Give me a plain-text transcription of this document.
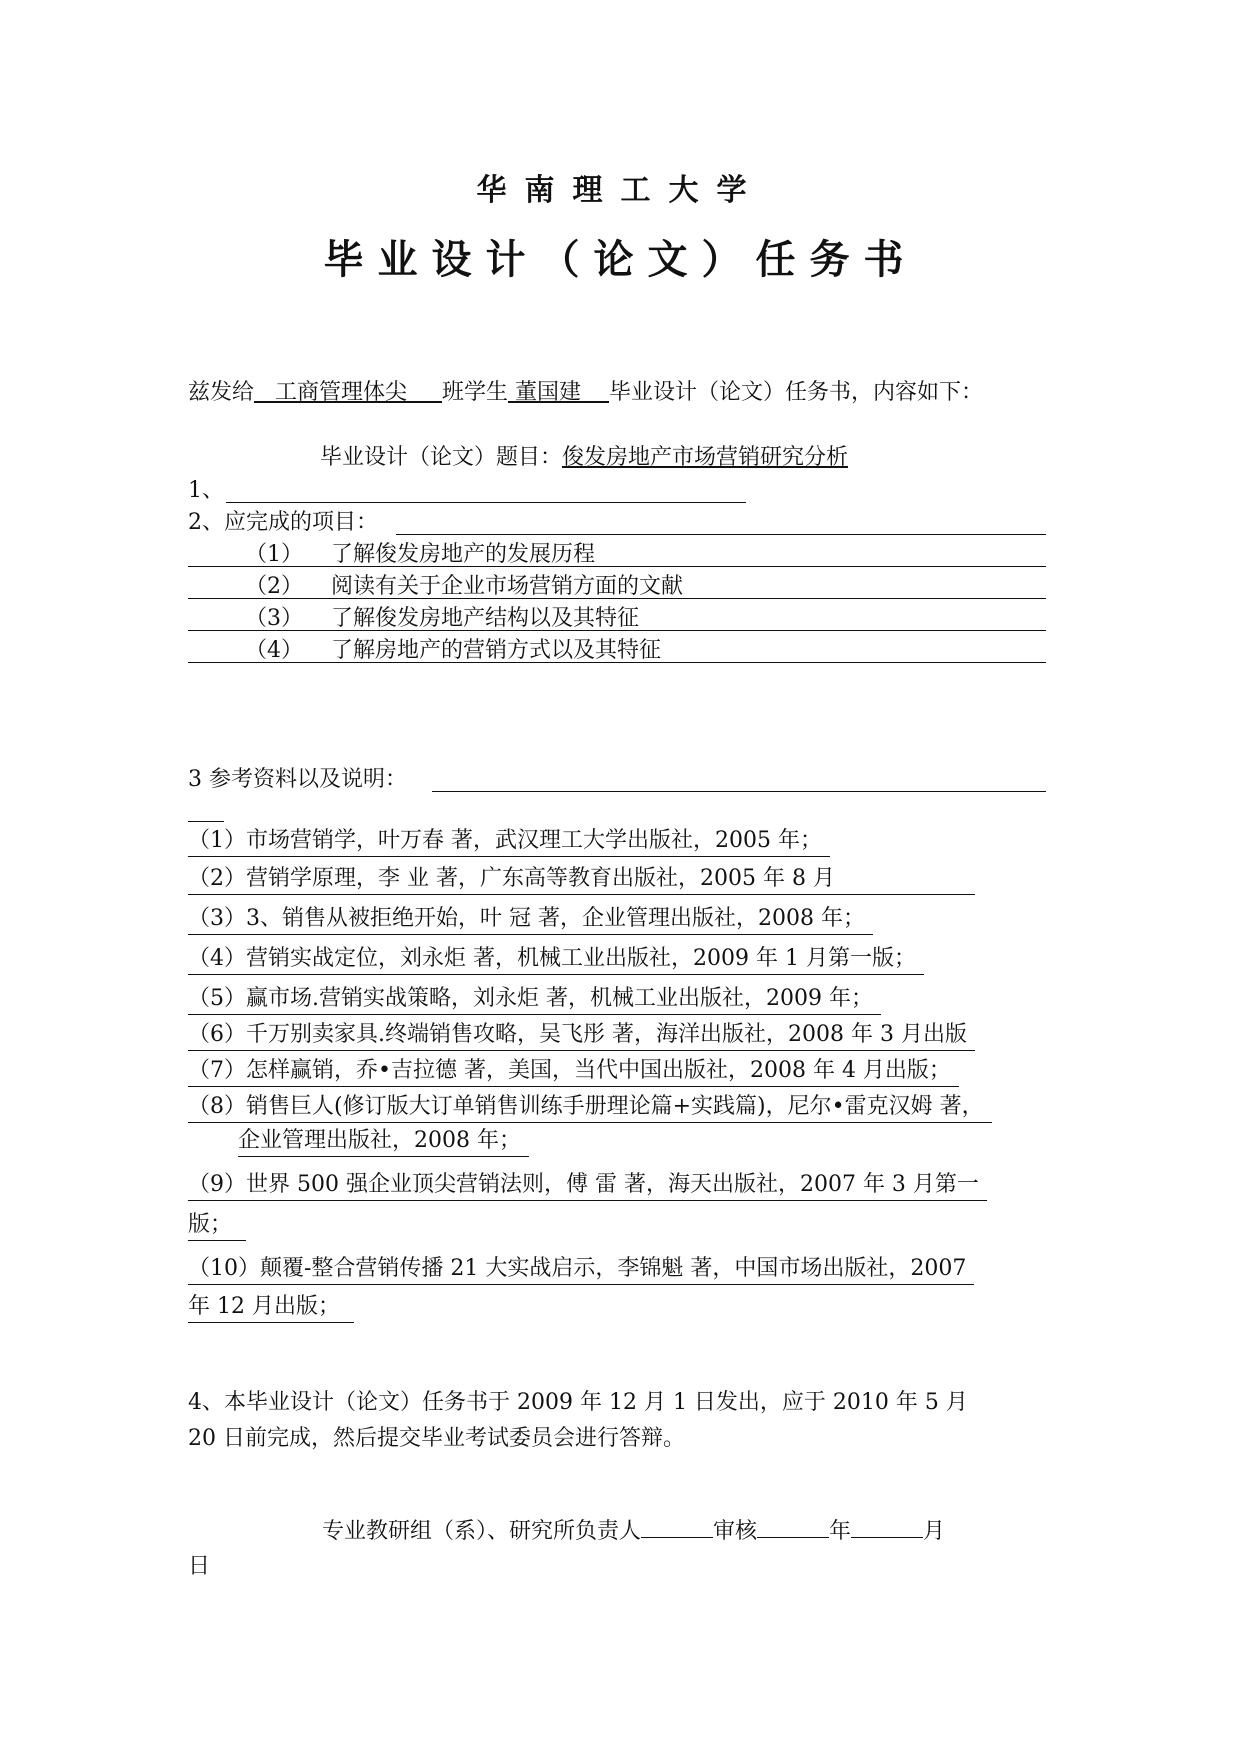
华南理工大学
毕业设计（论文）任务书
兹发给 工商管理体尖 班学生 董国建 毕业设计（论文）任务书，内容如下：
毕业设计（论文）题目：俊发房地产市场营销研究分析
1、
2、应完成的项目：
（1） 了解俊发房地产的发展历程
（2） 阅读有关于企业市场营销方面的文献
（3） 了解俊发房地产结构以及其特征
（4） 了解房地产的营销方式以及其特征
3 参考资料以及说明：
（1）市场营销学，叶万春 著，武汉理工大学出版社，2005 年；
（2）营销学原理，李 业 著，广东高等教育出版社，2005 年 8 月
（3）3、销售从被拒绝开始，叶 冠 著，企业管理出版社，2008 年；
（4）营销实战定位，刘永炬 著，机械工业出版社，2009 年 1 月第一版；
（5）赢市场.营销实战策略，刘永炬 著，机械工业出版社，2009 年；
（6）千万别卖家具.终端销售攻略，吴飞彤 著，海洋出版社，2008 年 3 月出版
（7）怎样赢销，乔•吉拉德 著，美国，当代中国出版社，2008 年 4 月出版；
（8）销售巨人(修订版大订单销售训练手册理论篇+实践篇)，尼尔•雷克汉姆 著，
企业管理出版社，2008 年；
（9）世界 500 强企业顶尖营销法则，傅 雷 著，海天出版社，2007 年 3 月第一
版；
（10）颠覆-整合营销传播 21 大实战启示，李锦魁 著，中国市场出版社，2007
年 12 月出版；
4、本毕业设计（论文）任务书于 2009 年 12 月 1 日发出，应于 2010 年 5 月
20 日前完成，然后提交毕业考试委员会进行答辩。
专业教研组（系）、研究所负责人	审核	年	月
日
